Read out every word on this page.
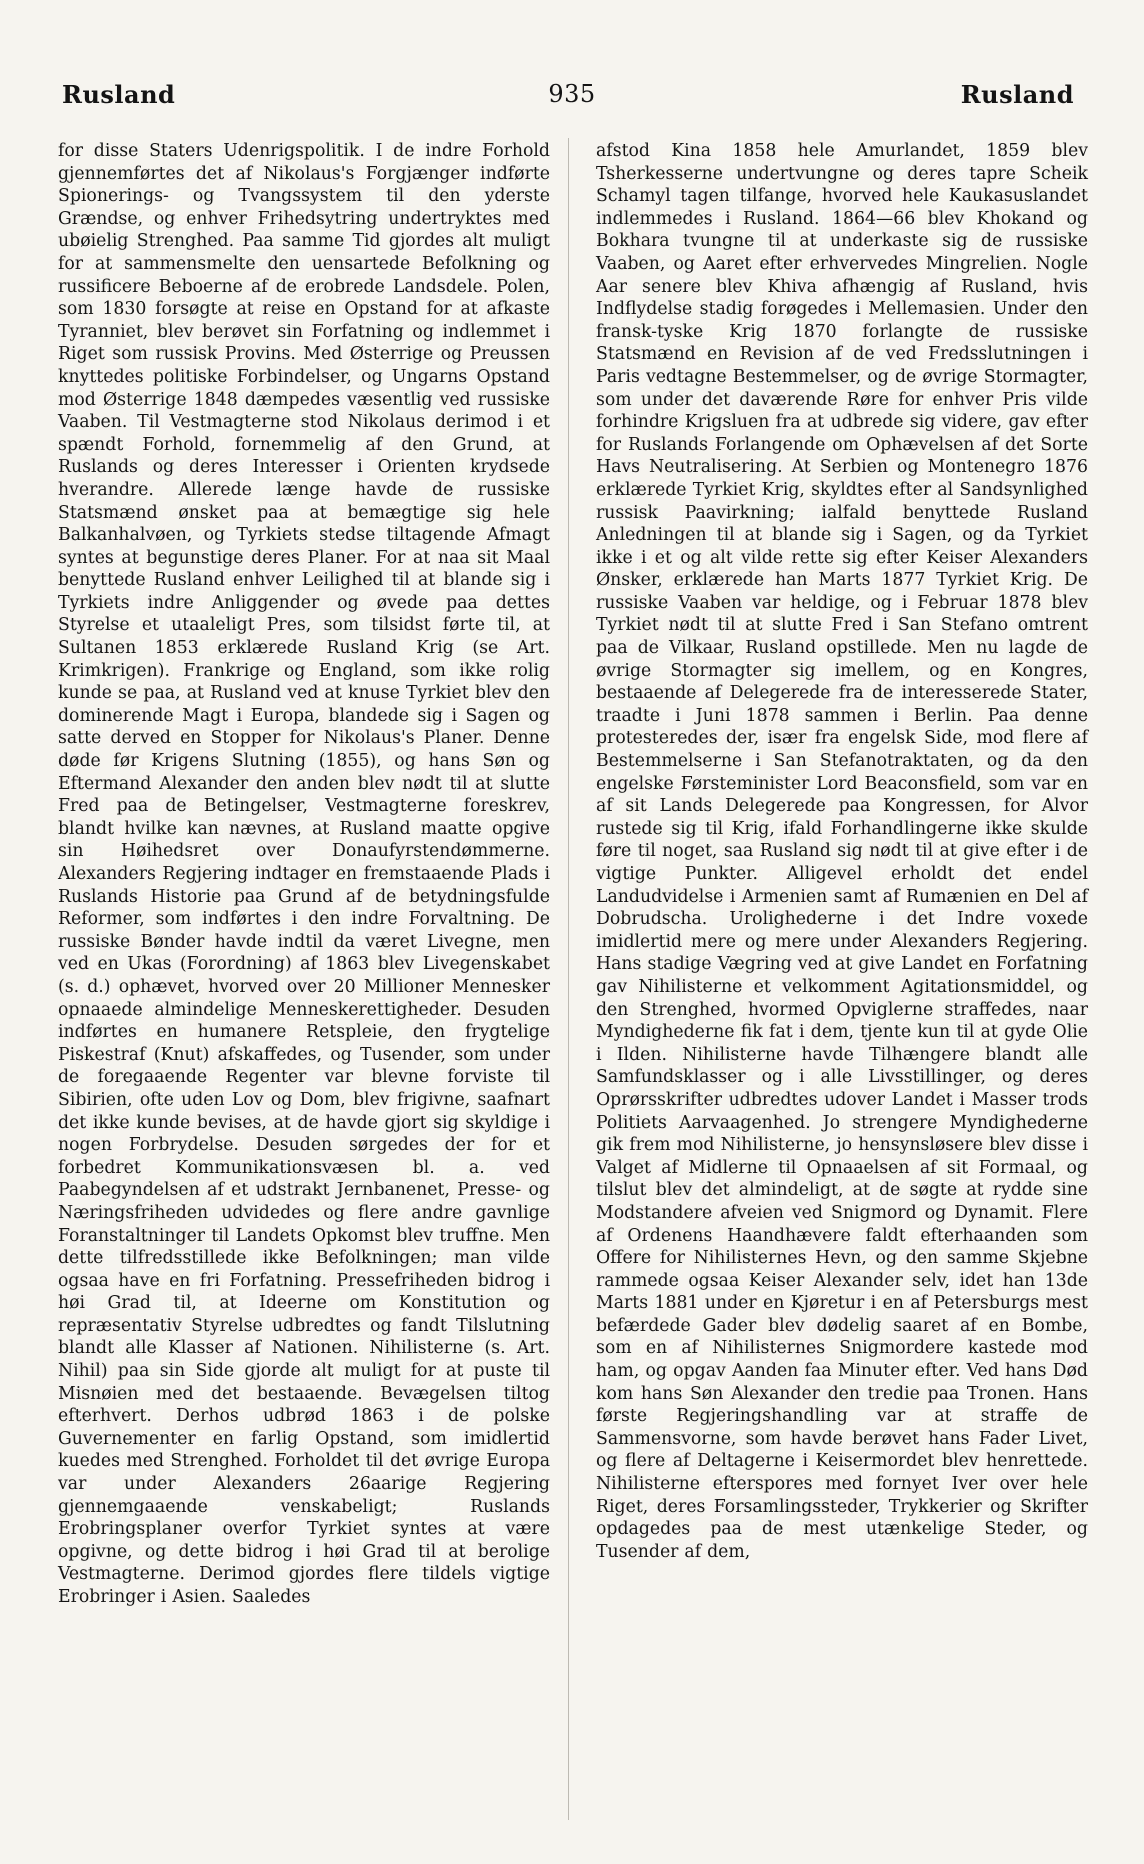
Rusland	935	Rusland

for disse Staters Udenrigspolitik. I de indre Forhold gjennemførtes det af Nikolaus's Forgjænger indførte Spionerings- og Tvangssystem til den yderste Grændse, og enhver Frihedsytring undertryktes med ubøielig Strenghed. Paa samme Tid gjordes alt muligt for at sammensmelte den uensartede Befolkning og russificere Beboerne af de erobrede Landsdele. Polen, som 1830 forsøgte at reise en Opstand for at afkaste Tyranniet, blev berøvet sin Forfatning og indlemmet i Riget som russisk Provins. Med Østerrige og Preussen knyttedes politiske Forbindelser, og Ungarns Opstand mod Østerrige 1848 dæmpedes væsentlig ved russiske Vaaben. Til Vestmagterne stod Nikolaus derimod i et spændt Forhold, fornemmelig af den Grund, at Ruslands og deres Interesser i Orienten krydsede hverandre. Allerede længe havde de russiske Statsmænd ønsket paa at bemægtige sig hele Balkanhalvøen, og Tyrkiets stedse tiltagende Afmagt syntes at begunstige deres Planer. For at naa sit Maal benyttede Rusland enhver Leilighed til at blande sig i Tyrkiets indre Anliggender og øvede paa dettes Styrelse et utaaleligt Pres, som tilsidst førte til, at Sultanen 1853 erklærede Rusland Krig (se Art. Krimkrigen). Frankrige og England, som ikke rolig kunde se paa, at Rusland ved at knuse Tyrkiet blev den dominerende Magt i Europa, blandede sig i Sagen og satte derved en Stopper for Nikolaus's Planer. Denne døde før Krigens Slutning (1855), og hans Søn og Eftermand Alexander den anden blev nødt til at slutte Fred paa de Betingelser, Vestmagterne foreskrev, blandt hvilke kan nævnes, at Rusland maatte opgive sin Høihedsret over Donaufyrstendømmerne. Alexanders Regjering indtager en fremstaaende Plads i Ruslands Historie paa Grund af de betydningsfulde Reformer, som indførtes i den indre Forvaltning. De russiske Bønder havde indtil da været Livegne, men ved en Ukas (Forordning) af 1863 blev Livegenskabet (s. d.) ophævet, hvorved over 20 Millioner Mennesker opnaaede almindelige Menneskerettigheder. Desuden indførtes en humanere Retspleie, den frygtelige Piskestraf (Knut) afskaffedes, og Tusender, som under de foregaaende Regenter var blevne forviste til Sibirien, ofte uden Lov og Dom, blev frigivne, saafnart det ikke kunde bevises, at de havde gjort sig skyldige i nogen Forbrydelse. Desuden sørgedes der for et forbedret Kommunikationsvæsen bl. a. ved Paabegyndelsen af et udstrakt Jernbanenet, Presse- og Næringsfriheden udvidedes og flere andre gavnlige Foranstaltninger til Landets Opkomst blev truffne. Men dette tilfredsstillede ikke Befolkningen; man vilde ogsaa have en fri Forfatning. Pressefriheden bidrog i høi Grad til, at Ideerne om Konstitution og repræsentativ Styrelse udbredtes og fandt Tilslutning blandt alle Klasser af Nationen. Nihilisterne (s. Art. Nihil) paa sin Side gjorde alt muligt for at puste til Misnøien med det bestaaende. Bevægelsen tiltog efterhvert. Derhos udbrød 1863 i de polske Guvernementer en farlig Opstand, som imidlertid kuedes med Strenghed. Forholdet til det øvrige Europa var under Alexanders 26aarige Regjering gjennemgaaende venskabeligt; Ruslands Erobringsplaner overfor Tyrkiet syntes at være opgivne, og dette bidrog i høi Grad til at berolige Vestmagterne. Derimod gjordes flere tildels vigtige Erobringer i Asien. Saaledes

afstod Kina 1858 hele Amurlandet, 1859 blev Tsherkesserne undertvungne og deres tapre Scheik Schamyl tagen tilfange, hvorved hele Kaukasuslandet indlemmedes i Rusland. 1864—66 blev Khokand og Bokhara tvungne til at underkaste sig de russiske Vaaben, og Aaret efter erhvervedes Mingrelien. Nogle Aar senere blev Khiva afhængig af Rusland, hvis Indflydelse stadig forøgedes i Mellemasien. Under den fransk-tyske Krig 1870 forlangte de russiske Statsmænd en Revision af de ved Fredsslutningen i Paris vedtagne Bestemmelser, og de øvrige Stormagter, som under det daværende Røre for enhver Pris vilde forhindre Krigsluen fra at udbrede sig videre, gav efter for Ruslands Forlangende om Ophævelsen af det Sorte Havs Neutralisering. At Serbien og Montenegro 1876 erklærede Tyrkiet Krig, skyldtes efter al Sandsynlighed russisk Paavirkning; ialfald benyttede Rusland Anledningen til at blande sig i Sagen, og da Tyrkiet ikke i et og alt vilde rette sig efter Keiser Alexanders Ønsker, erklærede han Marts 1877 Tyrkiet Krig. De russiske Vaaben var heldige, og i Februar 1878 blev Tyrkiet nødt til at slutte Fred i San Stefano omtrent paa de Vilkaar, Rusland opstillede. Men nu lagde de øvrige Stormagter sig imellem, og en Kongres, bestaaende af Delegerede fra de interesserede Stater, traadte i Juni 1878 sammen i Berlin. Paa denne protesteredes der, især fra engelsk Side, mod flere af Bestemmelserne i San Stefanotraktaten, og da den engelske Førsteminister Lord Beaconsfield, som var en af sit Lands Delegerede paa Kongressen, for Alvor rustede sig til Krig, ifald Forhandlingerne ikke skulde føre til noget, saa Rusland sig nødt til at give efter i de vigtige Punkter. Alligevel erholdt det endel Landudvidelse i Armenien samt af Rumænien en Del af Dobrudscha. Urolighederne i det Indre voxede imidlertid mere og mere under Alexanders Regjering. Hans stadige Vægring ved at give Landet en Forfatning gav Nihilisterne et velkomment Agitationsmiddel, og den Strenghed, hvormed Opviglerne straffedes, naar Myndighederne fik fat i dem, tjente kun til at gyde Olie i Ilden. Nihilisterne havde Tilhængere blandt alle Samfundsklasser og i alle Livsstillinger, og deres Oprørsskrifter udbredtes udover Landet i Masser trods Politiets Aarvaagenhed. Jo strengere Myndighederne gik frem mod Nihilisterne, jo hensynsløsere blev disse i Valget af Midlerne til Opnaaelsen af sit Formaal, og tilslut blev det almindeligt, at de søgte at rydde sine Modstandere afveien ved Snigmord og Dynamit. Flere af Ordenens Haandhævere faldt efterhaanden som Offere for Nihilisternes Hevn, og den samme Skjebne rammede ogsaa Keiser Alexander selv, idet han 13de Marts 1881 under en Kjøretur i en af Petersburgs mest befærdede Gader blev dødelig saaret af en Bombe, som en af Nihilisternes Snigmordere kastede mod ham, og opgav Aanden faa Minuter efter. Ved hans Død kom hans Søn Alexander den tredie paa Tronen. Hans første Regjeringshandling var at straffe de Sammensvorne, som havde berøvet hans Fader Livet, og flere af Deltagerne i Keisermordet blev henrettede. Nihilisterne efterspores med fornyet Iver over hele Riget, deres Forsamlingssteder, Trykkerier og Skrifter opdagedes paa de mest utænkelige Steder, og Tusender af dem,
